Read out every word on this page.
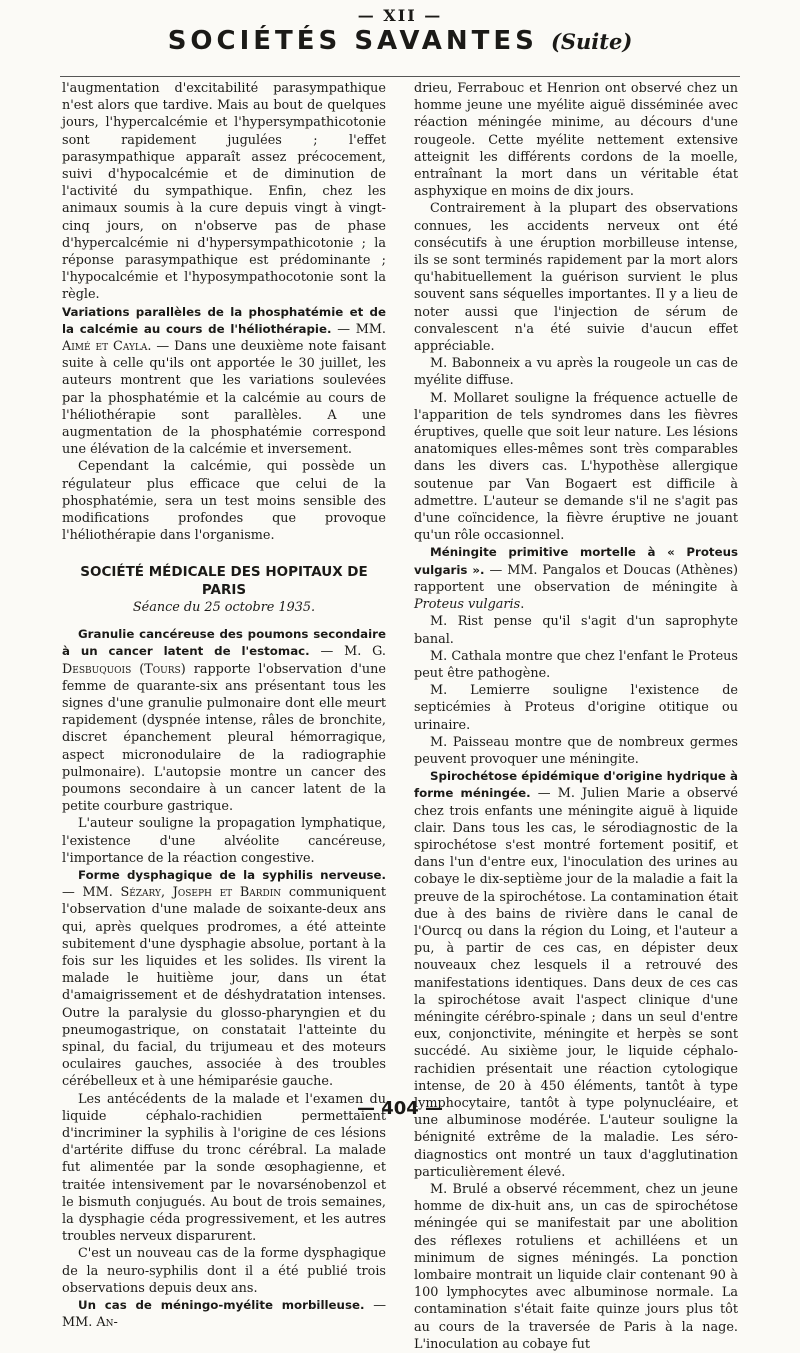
— XII —
SOCIÉTÉS SAVANTES (Suite)

l'augmentation d'excitabilité parasympathique n'est alors que tardive. Mais au bout de quelques jours, l'hypercalcémie et l'hypersympathicotonie sont rapidement jugulées ; l'effet parasympathique apparaît assez précocement, suivi d'hypocalcémie et de diminution de l'activité du sympathique. Enfin, chez les animaux soumis à la cure depuis vingt à vingt-cinq jours, on n'observe pas de phase d'hypercalcémie ni d'hypersympathicotonie ; la réponse parasympathique est prédominante ; l'hypocalcémie et l'hyposympathocotonie sont la règle.

Variations parallèles de la phosphatémie et de la calcémie au cours de l'héliothérapie. — MM. Aimé et Cayla. — Dans une deuxième note faisant suite à celle qu'ils ont apportée le 30 juillet, les auteurs montrent que les variations soulevées par la phosphatémie et la calcémie au cours de l'héliothérapie sont parallèles. A une augmentation de la phosphatémie correspond une élévation de la calcémie et inversement.

Cependant la calcémie, qui possède un régulateur plus efficace que celui de la phosphatémie, sera un test moins sensible des modifications profondes que provoque l'héliothérapie dans l'organisme.

SOCIÉTÉ MÉDICALE DES HOPITAUX DE PARIS

Séance du 25 octobre 1935.

Granulie cancéreuse des poumons secondaire à un cancer latent de l'estomac. — M. G. Desbuquois (Tours) rapporte l'observation d'une femme de quarante-six ans présentant tous les signes d'une granulie pulmonaire dont elle meurt rapidement (dyspnée intense, râles de bronchite, discret épanchement pleural hémorragique, aspect micronodulaire de la radiographie pulmonaire). L'autopsie montre un cancer des poumons secondaire à un cancer latent de la petite courbure gastrique.

L'auteur souligne la propagation lymphatique, l'existence d'une alvéolite cancéreuse, l'importance de la réaction congestive.

Forme dysphagique de la syphilis nerveuse. — MM. Sézary, Joseph et Bardin communiquent l'observation d'une malade de soixante-deux ans qui, après quelques prodromes, a été atteinte subitement d'une dysphagie absolue, portant à la fois sur les liquides et les solides. Ils virent la malade le huitième jour, dans un état d'amaigrissement et de déshydratation intenses. Outre la paralysie du glosso-pharyngien et du pneumogastrique, on constatait l'atteinte du spinal, du facial, du trijumeau et des moteurs oculaires gauches, associée à des troubles cérébelleux et à une hémiparésie gauche.

Les antécédents de la malade et l'examen du liquide céphalo-rachidien permettaient d'incriminer la syphilis à l'origine de ces lésions d'artérite diffuse du tronc cérébral. La malade fut alimentée par la sonde œsophagienne, et traitée intensivement par le novarsénobenzol et le bismuth conjugués. Au bout de trois semaines, la dysphagie céda progressivement, et les autres troubles nerveux disparurent.

C'est un nouveau cas de la forme dysphagique de la neuro-syphilis dont il a été publié trois observations depuis deux ans.

Un cas de méningo-myélite morbilleuse. — MM. An-

drieu, Ferrabouc et Henrion ont observé chez un homme jeune une myélite aiguë disséminée avec réaction méningée minime, au décours d'une rougeole. Cette myélite nettement extensive atteignit les différents cordons de la moelle, entraînant la mort dans un véritable état asphyxique en moins de dix jours.

Contrairement à la plupart des observations connues, les accidents nerveux ont été consécutifs à une éruption morbilleuse intense, ils se sont terminés rapidement par la mort alors qu'habituellement la guérison survient le plus souvent sans séquelles importantes. Il y a lieu de noter aussi que l'injection de sérum de convalescent n'a été suivie d'aucun effet appréciable.

M. Babonneix a vu après la rougeole un cas de myélite diffuse.

M. Mollaret souligne la fréquence actuelle de l'apparition de tels syndromes dans les fièvres éruptives, quelle que soit leur nature. Les lésions anatomiques elles-mêmes sont très comparables dans les divers cas. L'hypothèse allergique soutenue par Van Bogaert est difficile à admettre. L'auteur se demande s'il ne s'agit pas d'une coïncidence, la fièvre éruptive ne jouant qu'un rôle occasionnel.

Méningite primitive mortelle à « Proteus vulgaris ». — MM. Pangalos et Doucas (Athènes) rapportent une observation de méningite à Proteus vulgaris.

M. Rist pense qu'il s'agit d'un saprophyte banal.

M. Cathala montre que chez l'enfant le Proteus peut être pathogène.

M. Lemierre souligne l'existence de septicémies à Proteus d'origine otitique ou urinaire.

M. Paisseau montre que de nombreux germes peuvent provoquer une méningite.

Spirochétose épidémique d'origine hydrique à forme méningée. — M. Julien Marie a observé chez trois enfants une méningite aiguë à liquide clair. Dans tous les cas, le sérodiagnostic de la spirochétose s'est montré fortement positif, et dans l'un d'entre eux, l'inoculation des urines au cobaye le dix-septième jour de la maladie a fait la preuve de la spirochétose. La contamination était due à des bains de rivière dans le canal de l'Ourcq ou dans la région du Loing, et l'auteur a pu, à partir de ces cas, en dépister deux nouveaux chez lesquels il a retrouvé des manifestations identiques. Dans deux de ces cas la spirochétose avait l'aspect clinique d'une méningite cérébro-spinale ; dans un seul d'entre eux, conjonctivite, méningite et herpès se sont succédé. Au sixième jour, le liquide céphalo-rachidien présentait une réaction cytologique intense, de 20 à 450 éléments, tantôt à type lymphocytaire, tantôt à type polynucléaire, et une albuminose modérée. L'auteur souligne la bénignité extrême de la maladie. Les séro-diagnostics ont montré un taux d'agglutination particulièrement élevé.

M. Brulé a observé récemment, chez un jeune homme de dix-huit ans, un cas de spirochétose méningée qui se manifestait par une abolition des réflexes rotuliens et achilléens et un minimum de signes méningés. La ponction lombaire montrait un liquide clair contenant 90 à 100 lymphocytes avec albuminose normale. La contamination s'était faite quinze jours plus tôt au cours de la traversée de Paris à la nage. L'inoculation au cobaye fut

— 404 —
